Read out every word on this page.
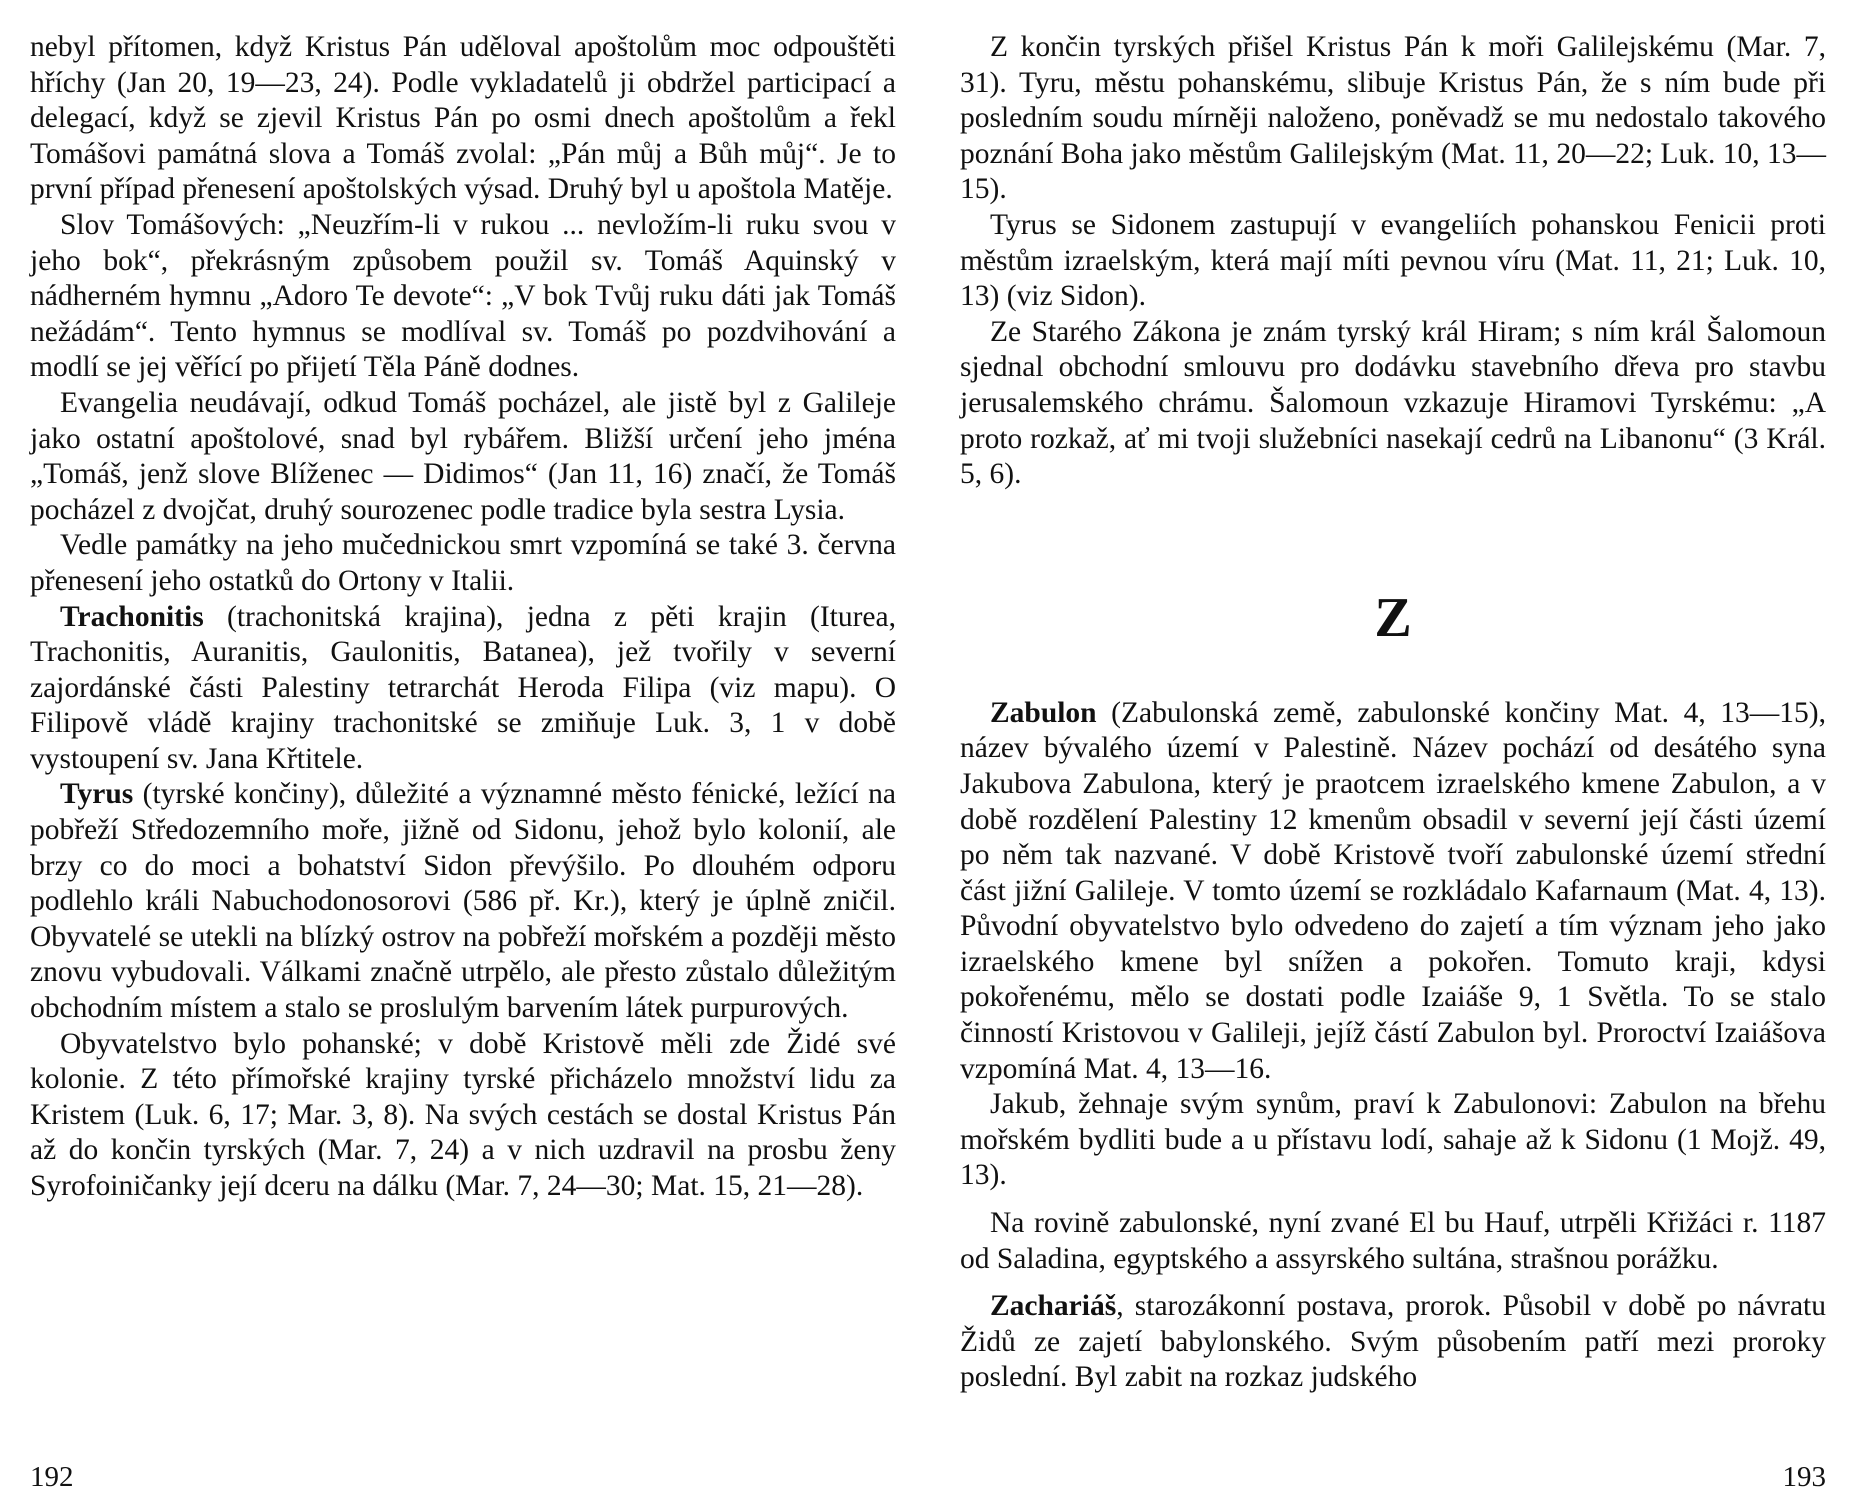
nebyl přítomen, když Kristus Pán uděloval apoštolům moc odpouštěti hříchy (Jan 20, 19—23, 24). Podle vykladatelů ji obdržel participací a delegací, když se zjevil Kristus Pán po osmi dnech apoštolům a řekl Tomášovi památná slova a Tomáš zvolal: „Pán můj a Bůh můj“. Je to první případ přenesení apoštolských výsad. Druhý byl u apoštola Matěje.

Slov Tomášových: „Neuzřím-li v rukou ... nevložím-li ruku svou v jeho bok“, překrásným způsobem použil sv. Tomáš Aquinský v nádherném hymnu „Adoro Te devote“: „V bok Tvůj ruku dáti jak Tomáš nežádám“. Tento hymnus se modlíval sv. Tomáš po pozdvihování a modlí se jej věřící po přijetí Těla Páně dodnes.

Evangelia neudávají, odkud Tomáš pocházel, ale jistě byl z Galileje jako ostatní apoštolové, snad byl rybářem. Bližší určení jeho jména „Tomáš, jenž slove Blíženec — Didimos“ (Jan 11, 16) značí, že Tomáš pocházel z dvojčat, druhý sourozenec podle tradice byla sestra Lysia.

Vedle památky na jeho mučednickou smrt vzpomíná se také 3. června přenesení jeho ostatků do Ortony v Italii.

Trachonitis (trachonitská krajina), jedna z pěti krajin (Iturea, Trachonitis, Auranitis, Gaulonitis, Batanea), jež tvořily v severní zajordánské části Palestiny tetrarchát Heroda Filipa (viz mapu). O Filipově vládě krajiny trachonitské se zmiňuje Luk. 3, 1 v době vystoupení sv. Jana Křtitele.

Tyrus (tyrské končiny), důležité a významné město fénické, ležící na pobřeží Středozemního moře, jižně od Sidonu, jehož bylo kolonií, ale brzy co do moci a bohatství Sidon převýšilo. Po dlouhém odporu podlehlo králi Nabuchodonosorovi (586 př. Kr.), který je úplně zničil. Obyvatelé se utekli na blízký ostrov na pobřeží mořském a později město znovu vybudovali. Válkami značně utrpělo, ale přesto zůstalo důležitým obchodním místem a stalo se proslulým barvením látek purpurových.

Obyvatelstvo bylo pohanské; v době Kristově měli zde Židé své kolonie. Z této přímořské krajiny tyrské přicházelo množství lidu za Kristem (Luk. 6, 17; Mar. 3, 8). Na svých cestách se dostal Kristus Pán až do končin tyrských (Mar. 7, 24) a v nich uzdravil na prosbu ženy Syrofoiničanky její dceru na dálku (Mar. 7, 24—30; Mat. 15, 21—28).

192

Z končin tyrských přišel Kristus Pán k moři Galilejskému (Mar. 7, 31). Tyru, městu pohanskému, slibuje Kristus Pán, že s ním bude při posledním soudu mírněji naloženo, poněvadž se mu nedostalo takového poznání Boha jako městům Galilejským (Mat. 11, 20—22; Luk. 10, 13—15).

Tyrus se Sidonem zastupují v evangeliích pohanskou Fenicii proti městům izraelským, která mají míti pevnou víru (Mat. 11, 21; Luk. 10, 13) (viz Sidon).

Ze Starého Zákona je znám tyrský král Hiram; s ním král Šalomoun sjednal obchodní smlouvu pro dodávku stavebního dřeva pro stavbu jerusalemského chrámu. Šalomoun vzkazuje Hiramovi Tyrskému: „A proto rozkaž, ať mi tvoji služebníci nasekají cedrů na Libanonu“ (3 Král. 5, 6).

Z

Zabulon (Zabulonská země, zabulonské končiny Mat. 4, 13—15), název bývalého území v Palestině. Název pochází od desátého syna Jakubova Zabulona, který je praotcem izraelského kmene Zabulon, a v době rozdělení Palestiny 12 kmenům obsadil v severní její části území po něm tak nazvané. V době Kristově tvoří zabulonské území střední část jižní Galileje. V tomto území se rozkládalo Kafarnaum (Mat. 4, 13). Původní obyvatelstvo bylo odvedeno do zajetí a tím význam jeho jako izraelského kmene byl snížen a pokořen. Tomuto kraji, kdysi pokořenému, mělo se dostati podle Izaiáše 9, 1 Světla. To se stalo činností Kristovou v Galileji, jejíž částí Zabulon byl. Proroctví Izaiášova vzpomíná Mat. 4, 13—16.

Jakub, žehnaje svým synům, praví k Zabulonovi: Zabulon na břehu mořském bydliti bude a u přístavu lodí, sahaje až k Sidonu (1 Mojž. 49, 13).

Na rovině zabulonské, nyní zvané El bu Hauf, utrpěli Křižáci r. 1187 od Saladina, egyptského a assyrského sultána, strašnou porážku.

Zachariáš, starozákonní postava, prorok. Působil v době po návratu Židů ze zajetí babylonského. Svým působením patří mezi proroky poslední. Byl zabit na rozkaz judského

193
